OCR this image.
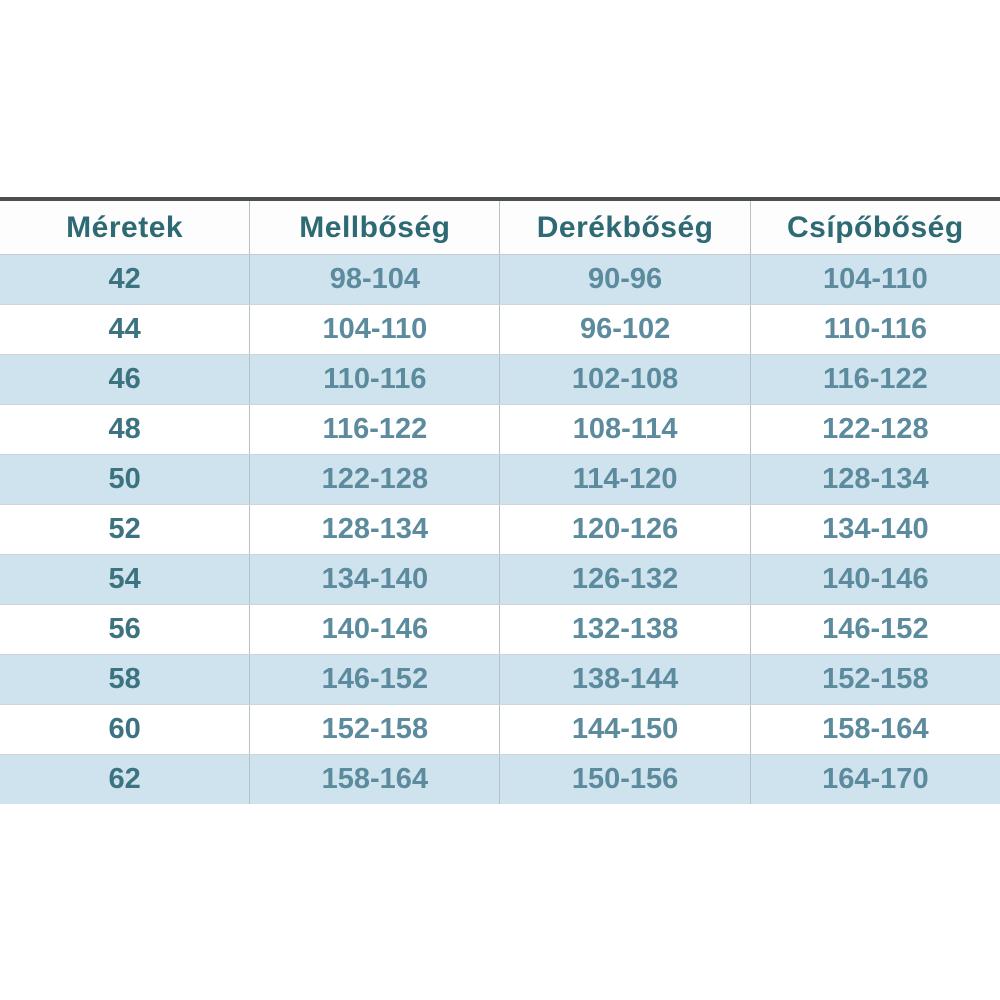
Méretek	Mellbőség	Derékbőség	Csípőbőség
42	98-104	90-96	104-110
44	104-110	96-102	110-116
46	110-116	102-108	116-122
48	116-122	108-114	122-128
50	122-128	114-120	128-134
52	128-134	120-126	134-140
54	134-140	126-132	140-146
56	140-146	132-138	146-152
58	146-152	138-144	152-158
60	152-158	144-150	158-164
62	158-164	150-156	164-170
